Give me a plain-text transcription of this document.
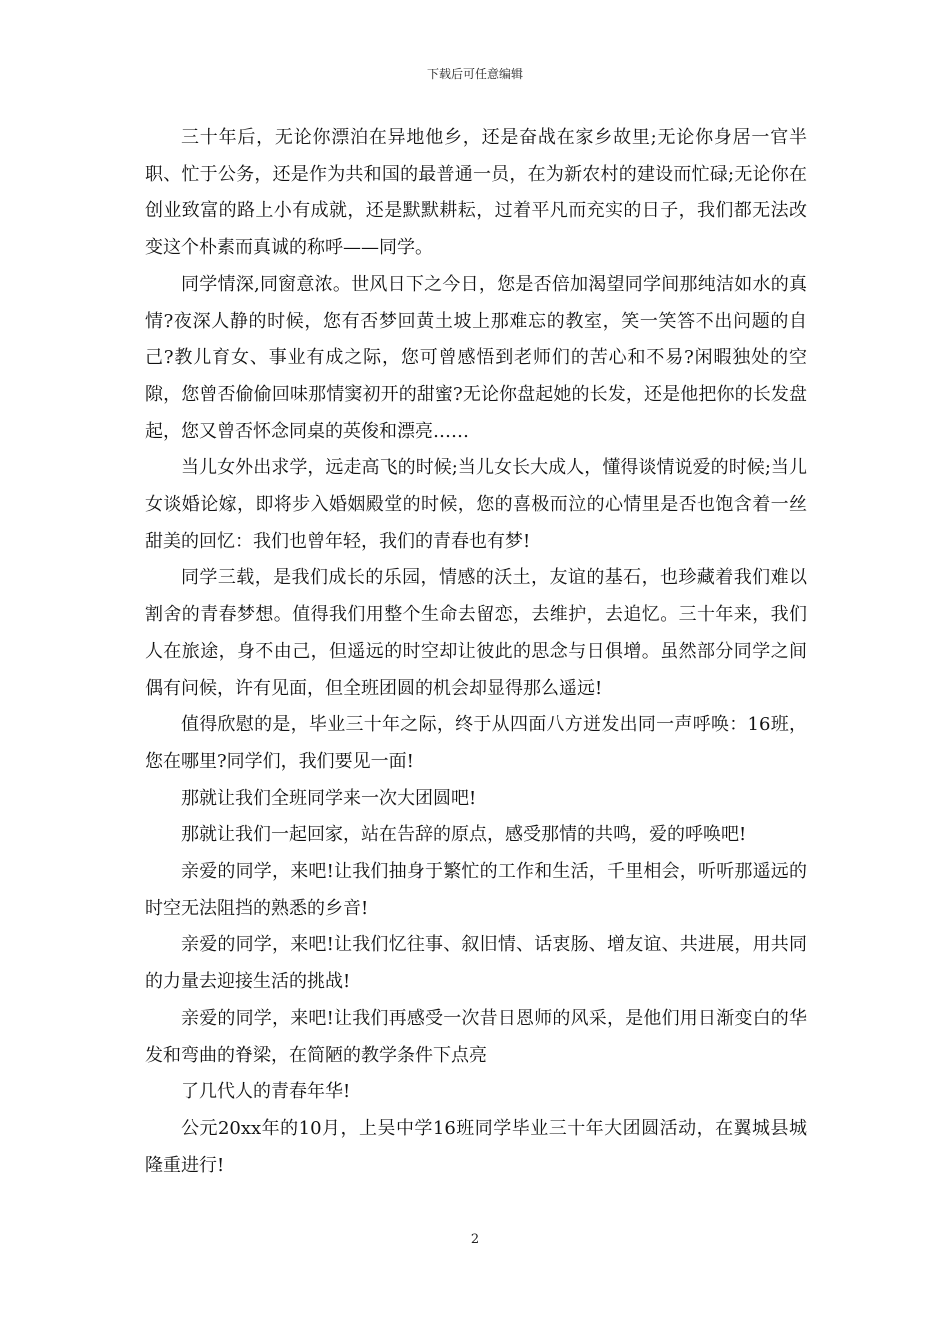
下载后可任意编辑

三十年后，无论你漂泊在异地他乡，还是奋战在家乡故里;无论你身居一官半职、忙于公务，还是作为共和国的最普通一员，在为新农村的建设而忙碌;无论你在创业致富的路上小有成就，还是默默耕耘，过着平凡而充实的日子，我们都无法改变这个朴素而真诚的称呼——同学。

同学情深,同窗意浓。世风日下之今日，您是否倍加渴望同学间那纯洁如水的真情?夜深人静的时候，您有否梦回黄土坡上那难忘的教室，笑一笑答不出问题的自己?教儿育女、事业有成之际，您可曾感悟到老师们的苦心和不易?闲暇独处的空隙，您曾否偷偷回味那情窦初开的甜蜜?无论你盘起她的长发，还是他把你的长发盘起，您又曾否怀念同桌的英俊和漂亮……

当儿女外出求学，远走高飞的时候;当儿女长大成人，懂得谈情说爱的时候;当儿女谈婚论嫁，即将步入婚姻殿堂的时候，您的喜极而泣的心情里是否也饱含着一丝甜美的回忆：我们也曾年轻，我们的青春也有梦!

同学三载，是我们成长的乐园，情感的沃土，友谊的基石，也珍藏着我们难以割舍的青春梦想。值得我们用整个生命去留恋，去维护，去追忆。三十年来，我们人在旅途，身不由己，但遥远的时空却让彼此的思念与日俱增。虽然部分同学之间偶有问候，许有见面，但全班团圆的机会却显得那么遥远!

值得欣慰的是，毕业三十年之际，终于从四面八方迸发出同一声呼唤：16班，您在哪里?同学们，我们要见一面!

那就让我们全班同学来一次大团圆吧!

那就让我们一起回家，站在告辞的原点，感受那情的共鸣，爱的呼唤吧!

亲爱的同学，来吧!让我们抽身于繁忙的工作和生活，千里相会，听听那遥远的时空无法阻挡的熟悉的乡音!

亲爱的同学，来吧!让我们忆往事、叙旧情、话衷肠、增友谊、共进展，用共同的力量去迎接生活的挑战!

亲爱的同学，来吧!让我们再感受一次昔日恩师的风采，是他们用日渐变白的华发和弯曲的脊梁，在简陋的教学条件下点亮

了几代人的青春年华!

公元20xx年的10月，上吴中学16班同学毕业三十年大团圆活动，在翼城县城隆重进行!

2
